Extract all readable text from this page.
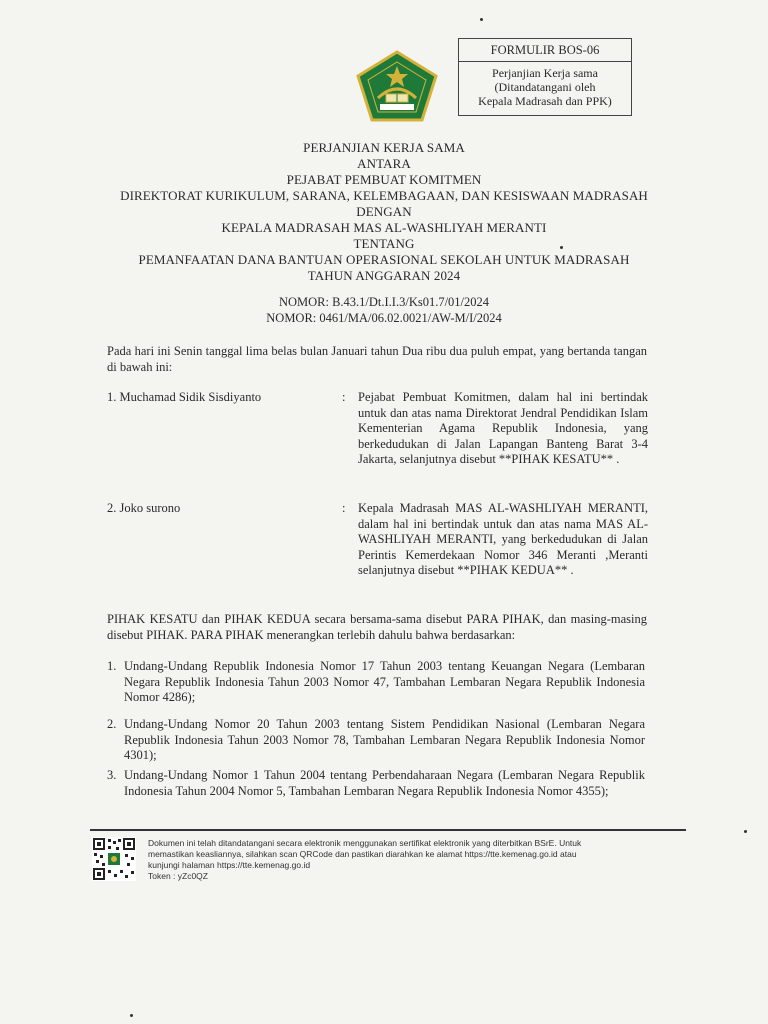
FORMULIR BOS-06
Perjanjian Kerja sama
(Ditandatangani oleh
Kepala Madrasah dan PPK)
PERJANJIAN KERJA SAMA
ANTARA
PEJABAT PEMBUAT KOMITMEN
DIREKTORAT KURIKULUM, SARANA, KELEMBAGAAN, DAN KESISWAAN MADRASAH
DENGAN
KEPALA MADRASAH MAS AL-WASHLIYAH MERANTI
TENTANG
PEMANFAATAN DANA BANTUAN OPERASIONAL SEKOLAH UNTUK MADRASAH
TAHUN ANGGARAN 2024
NOMOR: B.43.1/Dt.I.I.3/Ks01.7/01/2024
NOMOR: 0461/MA/06.02.0021/AW-M/I/2024
Pada hari ini Senin tanggal lima belas bulan Januari tahun Dua ribu dua puluh empat, yang bertanda tangan di bawah ini:
1. Muchamad Sidik Sisdiyanto	: Pejabat Pembuat Komitmen, dalam hal ini bertindak untuk dan atas nama Direktorat Jendral Pendidikan Islam Kementerian Agama Republik Indonesia, yang berkedudukan di Jalan Lapangan Banteng Barat 3-4 Jakarta, selanjutnya disebut **PIHAK KESATU** .
2. Joko surono	: Kepala Madrasah MAS AL-WASHLIYAH MERANTI, dalam hal ini bertindak untuk dan atas nama MAS AL-WASHLIYAH MERANTI, yang berkedudukan di Jalan Perintis Kemerdekaan Nomor 346 Meranti ,Meranti selanjutnya disebut **PIHAK KEDUA** .
PIHAK KESATU dan PIHAK KEDUA secara bersama-sama disebut PARA PIHAK, dan masing-masing disebut PIHAK. PARA PIHAK menerangkan terlebih dahulu bahwa berdasarkan:
1. Undang-Undang Republik Indonesia Nomor 17 Tahun 2003 tentang Keuangan Negara (Lembaran Negara Republik Indonesia Tahun 2003 Nomor 47, Tambahan Lembaran Negara Republik Indonesia Nomor 4286);
2. Undang-Undang Nomor 20 Tahun 2003 tentang Sistem Pendidikan Nasional (Lembaran Negara Republik Indonesia Tahun 2003 Nomor 78, Tambahan Lembaran Negara Republik Indonesia Nomor 4301);
3. Undang-Undang Nomor 1 Tahun 2004 tentang Perbendaharaan Negara (Lembaran Negara Republik Indonesia Tahun 2004 Nomor 5, Tambahan Lembaran Negara Republik Indonesia Nomor 4355);
Dokumen ini telah ditandatangani secara elektronik menggunakan sertifikat elektronik yang diterbitkan BSrE. Untuk
memastikan keasliannya, silahkan scan QRCode dan pastikan diarahkan ke alamat https://tte.kemenag.go.id atau
kunjungi halaman https://tte.kemenag.go.id
Token : yZc0QZ
